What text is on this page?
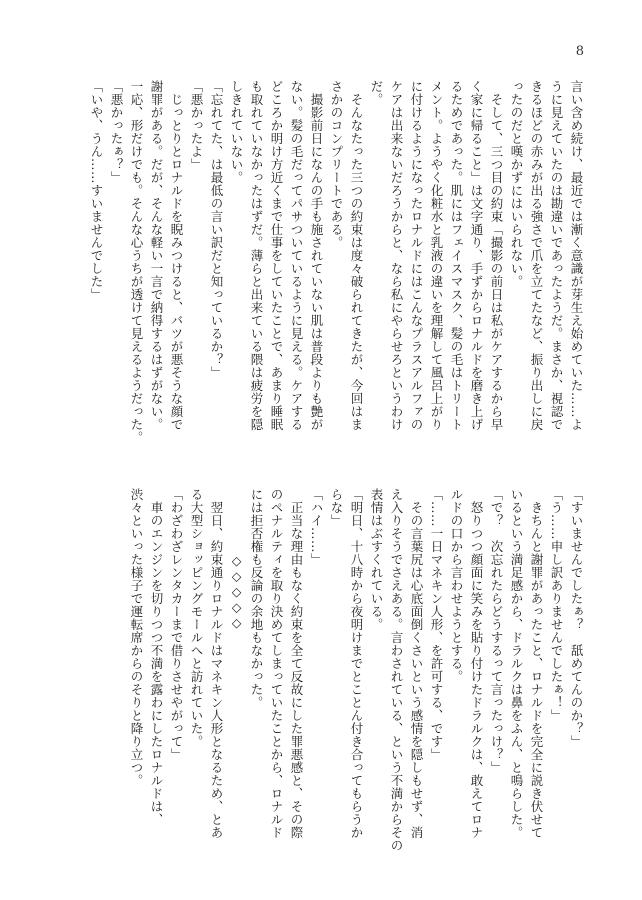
8
言い含め続け、最近では漸く意識が芽生え始めていた……よ
うに見えていたのは勘違いであったようだ。まさか、視認で
きるほどの赤みが出る強さで爪を立てたなど、振り出しに戻
ったのだと嘆かずにはいられない。
　そして、三つ目の約束「撮影の前日は私がケアするから早
く家に帰ること」は文字通り、手ずからロナルドを磨き上げ
るためであった。肌にはフェイスマスク、髪の毛はトリート
メント。ようやく化粧水と乳液の違いを理解して風呂上がり
に付けるようになったロナルドにはこんなプラスアルファの
ケアは出来ないだろうからと、なら私にやらせろというわけ
だ。
　そんなたった三つの約束は度々破られてきたが、今回はま
さかのコンプリートである。
　撮影前日になんの手も施されていない肌は普段よりも艶が
ない。髪の毛だってパサついているように見える。ケアする
どころか明け方近くまで仕事をしていたことで、あまり睡眠
も取れていなかったはずだ。薄らと出来ている隈は疲労を隠
しきれていない。
「忘れてた、は最低の言い訳だと知っているか？」
「悪かったよ」
　じっとりとロナルドを睨みつけると、バツが悪そうな顔で
謝罪がある。だが、そんな軽い一言で納得するはずがない。
一応、形だけでも。そんな心うちが透けて見えるようだった。
「悪かったぁ？」
「いや、うん……すいませんでした」
「すいませんでしたぁ？　舐めてんのか？」
「う……申し訳ありませんでしたぁ！」
　きちんと謝罪があったこと、ロナルドを完全に説き伏せて
いるという満足感から、ドラルクは鼻をふん、と鳴らした。
「で？　次忘れたらどうするって言ったっけ？」
　怒りつつ顔面に笑みを貼り付けたドラルクは、敢えてロナ
ルドの口から言わせようとする。
「……一日マネキン人形、を許可する、です」
　その言葉尻は心底面倒くさいという感情を隠しもせず、消
え入りそうでさえある。言わされている、という不満からその
表情はぶすくれている。
「明日、十八時から夜明けまでとことん付き合ってもらうか
らな」
「ハイ……」
　正当な理由もなく約束を全て反故にした罪悪感と、その際
のペナルティを取り決めてしまっていたことから、ロナルド
には拒否権も反論の余地もなかった。
　　　　　◇◇◇◇◇
　翌日、約束通りロナルドはマネキン人形となるため、とあ
る大型ショッピングモールへと訪れていた。
「わざわざレンタカーまで借りさせやがって」
　車のエンジンを切りつつ不満を露わにしたロナルドは、
渋々といった様子で運転席からのそりと降り立つ。
